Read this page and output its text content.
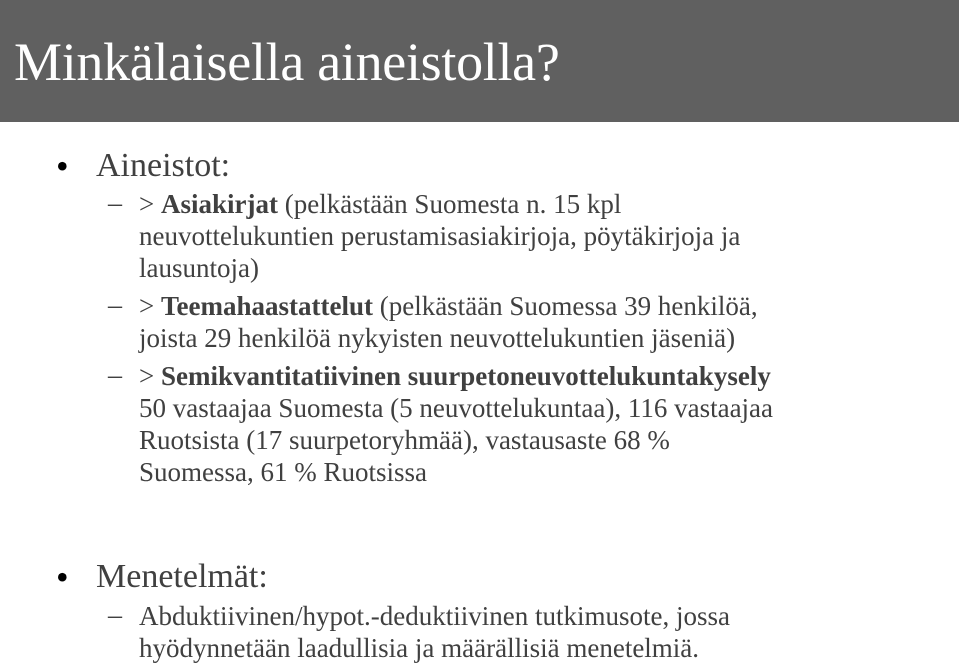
Minkälaisella aineistolla?
• Aineistot:
– > Asiakirjat (pelkästään Suomesta n. 15 kpl
neuvottelukuntien perustamisasiakirjoja, pöytäkirjoja ja
lausuntoja)
– > Teemahaastattelut (pelkästään Suomessa 39 henkilöä,
joista 29 henkilöä nykyisten neuvottelukuntien jäseniä)
– > Semikvantitatiivinen suurpetoneuvottelukuntakysely
50 vastaajaa Suomesta (5 neuvottelukuntaa), 116 vastaajaa
Ruotsista (17 suurpetoryhmää), vastausaste 68 %
Suomessa, 61 % Ruotsissa
• Menetelmät:
– Abduktiivinen/hypot.-deduktiivinen tutkimusote, jossa
hyödynnetään laadullisia ja määrällisiä menetelmiä.
